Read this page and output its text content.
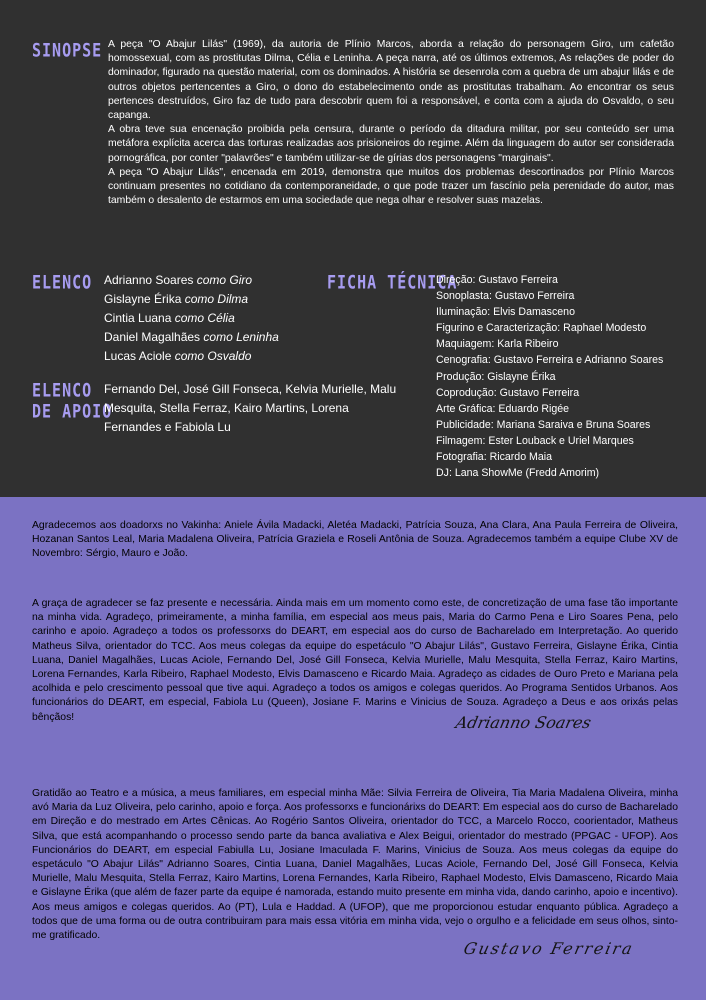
SINOPSE A peça "O Abajur Lilás" (1969), da autoria de Plínio Marcos, aborda a relação do personagem Giro, um cafetão homossexual, com as prostitutas Dilma, Célia e Leninha. A peça narra, até os últimos extremos, As relações de poder do dominador, figurado na questão material, com os dominados. A história se desenrola com a quebra de um abajur lilás e de outros objetos pertencentes a Giro, o dono do estabelecimento onde as prostitutas trabalham. Ao encontrar os seus pertences destruídos, Giro faz de tudo para descobrir quem foi a responsável, e conta com a ajuda do Osvaldo, o seu capanga.

A obra teve sua encenação proibida pela censura, durante o período da ditadura militar, por seu conteúdo ser uma metáfora explícita acerca das torturas realizadas aos prisioneiros do regime. Além da linguagem do autor ser considerada pornográfica, por conter "palavrões" e também utilizar-se de gírias dos personagens "marginais".

A peça "O Abajur Lilás", encenada em 2019, demonstra que muitos dos problemas descortinados por Plínio Marcos continuam presentes no cotidiano da contemporaneidade, o que pode trazer um fascínio pela perenidade do autor, mas também o desalento de estarmos em uma sociedade que nega olhar e resolver suas mazelas.

ELENCO Adrianno Soares como Giro
Gislayne Érika como Dilma
Cintia Luana como Célia
Daniel Magalhães como Leninha
Lucas Aciole como Osvaldo
ELENCO
DE APOIO
Fernando Del, José Gill Fonseca, Kelvia Murielle, Malu Mesquita, Stella Ferraz, Kairo Martins, Lorena Fernandes e Fabiola Lu
FICHA TÉCNICA
Direção: Gustavo Ferreira
Sonoplasta: Gustavo Ferreira
Iluminação: Elvis Damasceno
Figurino e Caracterização: Raphael Modesto
Maquiagem: Karla Ribeiro
Cenografia: Gustavo Ferreira e Adrianno Soares
Produção: Gislayne Érika
Coprodução: Gustavo Ferreira
Arte Gráfica: Eduardo Rigée
Publicidade: Mariana Saraiva e Bruna Soares
Filmagem: Ester Louback e Uriel Marques
Fotografia: Ricardo Maia
DJ: Lana ShowMe (Fredd Amorim)

Agradecemos aos doadorxs no Vakinha: Aniele Ávila Madacki, Aletéa Madacki, Patrícia Souza, Ana Clara, Ana Paula Ferreira de Oliveira, Hozanan Santos Leal, Maria Madalena Oliveira, Patrícia Graziela e Roseli Antônia de Souza. Agradecemos também a equipe Clube XV de Novembro: Sérgio, Mauro e João.

A graça de agradecer se faz presente e necessária. Ainda mais em um momento como este, de concretização de uma fase tão importante na minha vida. Agradeço, primeiramente, a minha família, em especial aos meus pais, Maria do Carmo Pena e Liro Soares Pena, pelo carinho e apoio. Agradeço a todos os professorxs do DEART, em especial aos do curso de Bacharelado em Interpretação. Ao querido Matheus Silva, orientador do TCC. Aos meus colegas da equipe do espetáculo "O Abajur Lilás", Gustavo Ferreira, Gislayne Érika, Cintia Luana, Daniel Magalhães, Lucas Aciole, Fernando Del, José Gill Fonseca, Kelvia Murielle, Malu Mesquita, Stella Ferraz, Kairo Martins, Lorena Fernandes, Karla Ribeiro, Raphael Modesto, Elvis Damasceno e Ricardo Maia. Agradeço as cidades de Ouro Preto e Mariana pela acolhida e pelo crescimento pessoal que tive aqui. Agradeço a todos os amigos e colegas queridos. Ao Programa Sentidos Urbanos. Aos funcionários do DEART, em especial, Fabiola Lu (Queen), Josiane F. Marins e Vinicius de Souza. Agradeço a Deus e aos orixás pelas bênçãos!	Adrianno Soares

Gratidão ao Teatro e a música, a meus familiares, em especial minha Mãe: Silvia Ferreira de Oliveira, Tia Maria Madalena Oliveira, minha avó Maria da Luz Oliveira, pelo carinho, apoio e força. Aos professorxs e funcionárixs do DEART: Em especial aos do curso de Bacharelado em Direção e do mestrado em Artes Cênicas. Ao Rogério Santos Oliveira, orientador do TCC, a Marcelo Rocco, coorientador, Matheus Silva, que está acompanhando o processo sendo parte da banca avaliativa e Alex Beigui, orientador do mestrado (PPGAC - UFOP). Aos Funcionários do DEART, em especial Fabiulla Lu, Josiane Imaculada F. Marins, Vinicius de Souza. Aos meus colegas da equipe do espetáculo "O Abajur Lilás" Adrianno Soares, Cintia Luana, Daniel Magalhães, Lucas Aciole, Fernando Del, José Gill Fonseca, Kelvia Murielle, Malu Mesquita, Stella Ferraz, Kairo Martins, Lorena Fernandes, Karla Ribeiro, Raphael Modesto, Elvis Damasceno, Ricardo Maia e Gislayne Érika (que além de fazer parte da equipe é namorada, estando muito presente em minha vida, dando carinho, apoio e incentivo). Aos meus amigos e colegas queridos. Ao (PT), Lula e Haddad. A (UFOP), que me proporcionou estudar enquanto pública. Agradeço a todos que de uma forma ou de outra contribuiram para mais essa vitória em minha vida, vejo o orgulho e a felicidade em seus olhos, sinto-me gratificado.

Gustavo Ferreira
